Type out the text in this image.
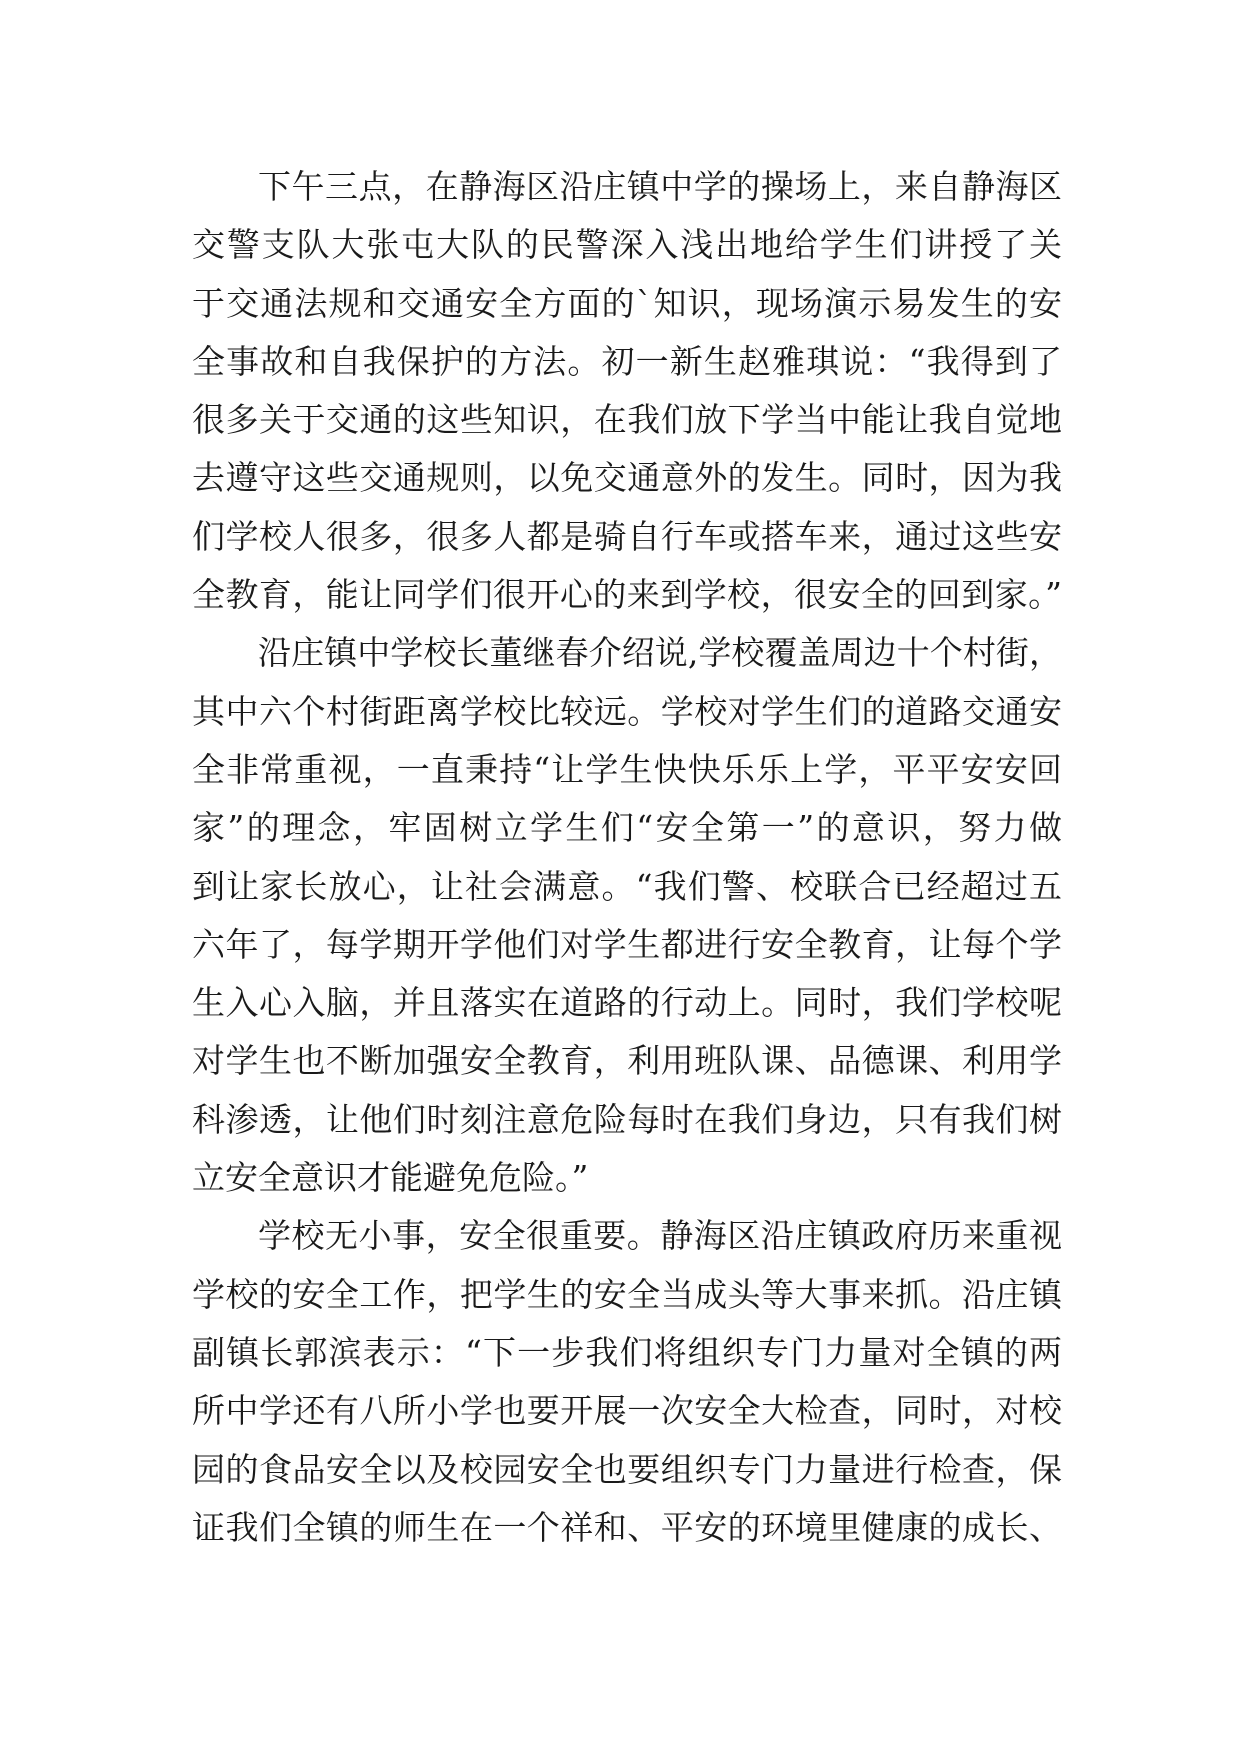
下午三点，在静海区沿庄镇中学的操场上，来自静海区
交警支队大张屯大队的民警深入浅出地给学生们讲授了关
于交通法规和交通安全方面的`知识，现场演示易发生的安
全事故和自我保护的方法。初一新生赵雅琪说：“我得到了
很多关于交通的这些知识，在我们放下学当中能让我自觉地
去遵守这些交通规则，以免交通意外的发生。同时，因为我
们学校人很多，很多人都是骑自行车或搭车来，通过这些安
全教育，能让同学们很开心的来到学校，很安全的回到家。”
沿庄镇中学校长董继春介绍说,学校覆盖周边十个村街，
其中六个村街距离学校比较远。学校对学生们的道路交通安
全非常重视，一直秉持“让学生快快乐乐上学，平平安安回
家”的理念，牢固树立学生们“安全第一”的意识，努力做
到让家长放心，让社会满意。“我们警、校联合已经超过五
六年了，每学期开学他们对学生都进行安全教育，让每个学
生入心入脑，并且落实在道路的行动上。同时，我们学校呢
对学生也不断加强安全教育，利用班队课、品德课、利用学
科渗透，让他们时刻注意危险每时在我们身边，只有我们树
立安全意识才能避免危险。”
学校无小事，安全很重要。静海区沿庄镇政府历来重视
学校的安全工作，把学生的安全当成头等大事来抓。沿庄镇
副镇长郭滨表示：“下一步我们将组织专门力量对全镇的两
所中学还有八所小学也要开展一次安全大检查，同时，对校
园的食品安全以及校园安全也要组织专门力量进行检查，保
证我们全镇的师生在一个祥和、平安的环境里健康的成长、
